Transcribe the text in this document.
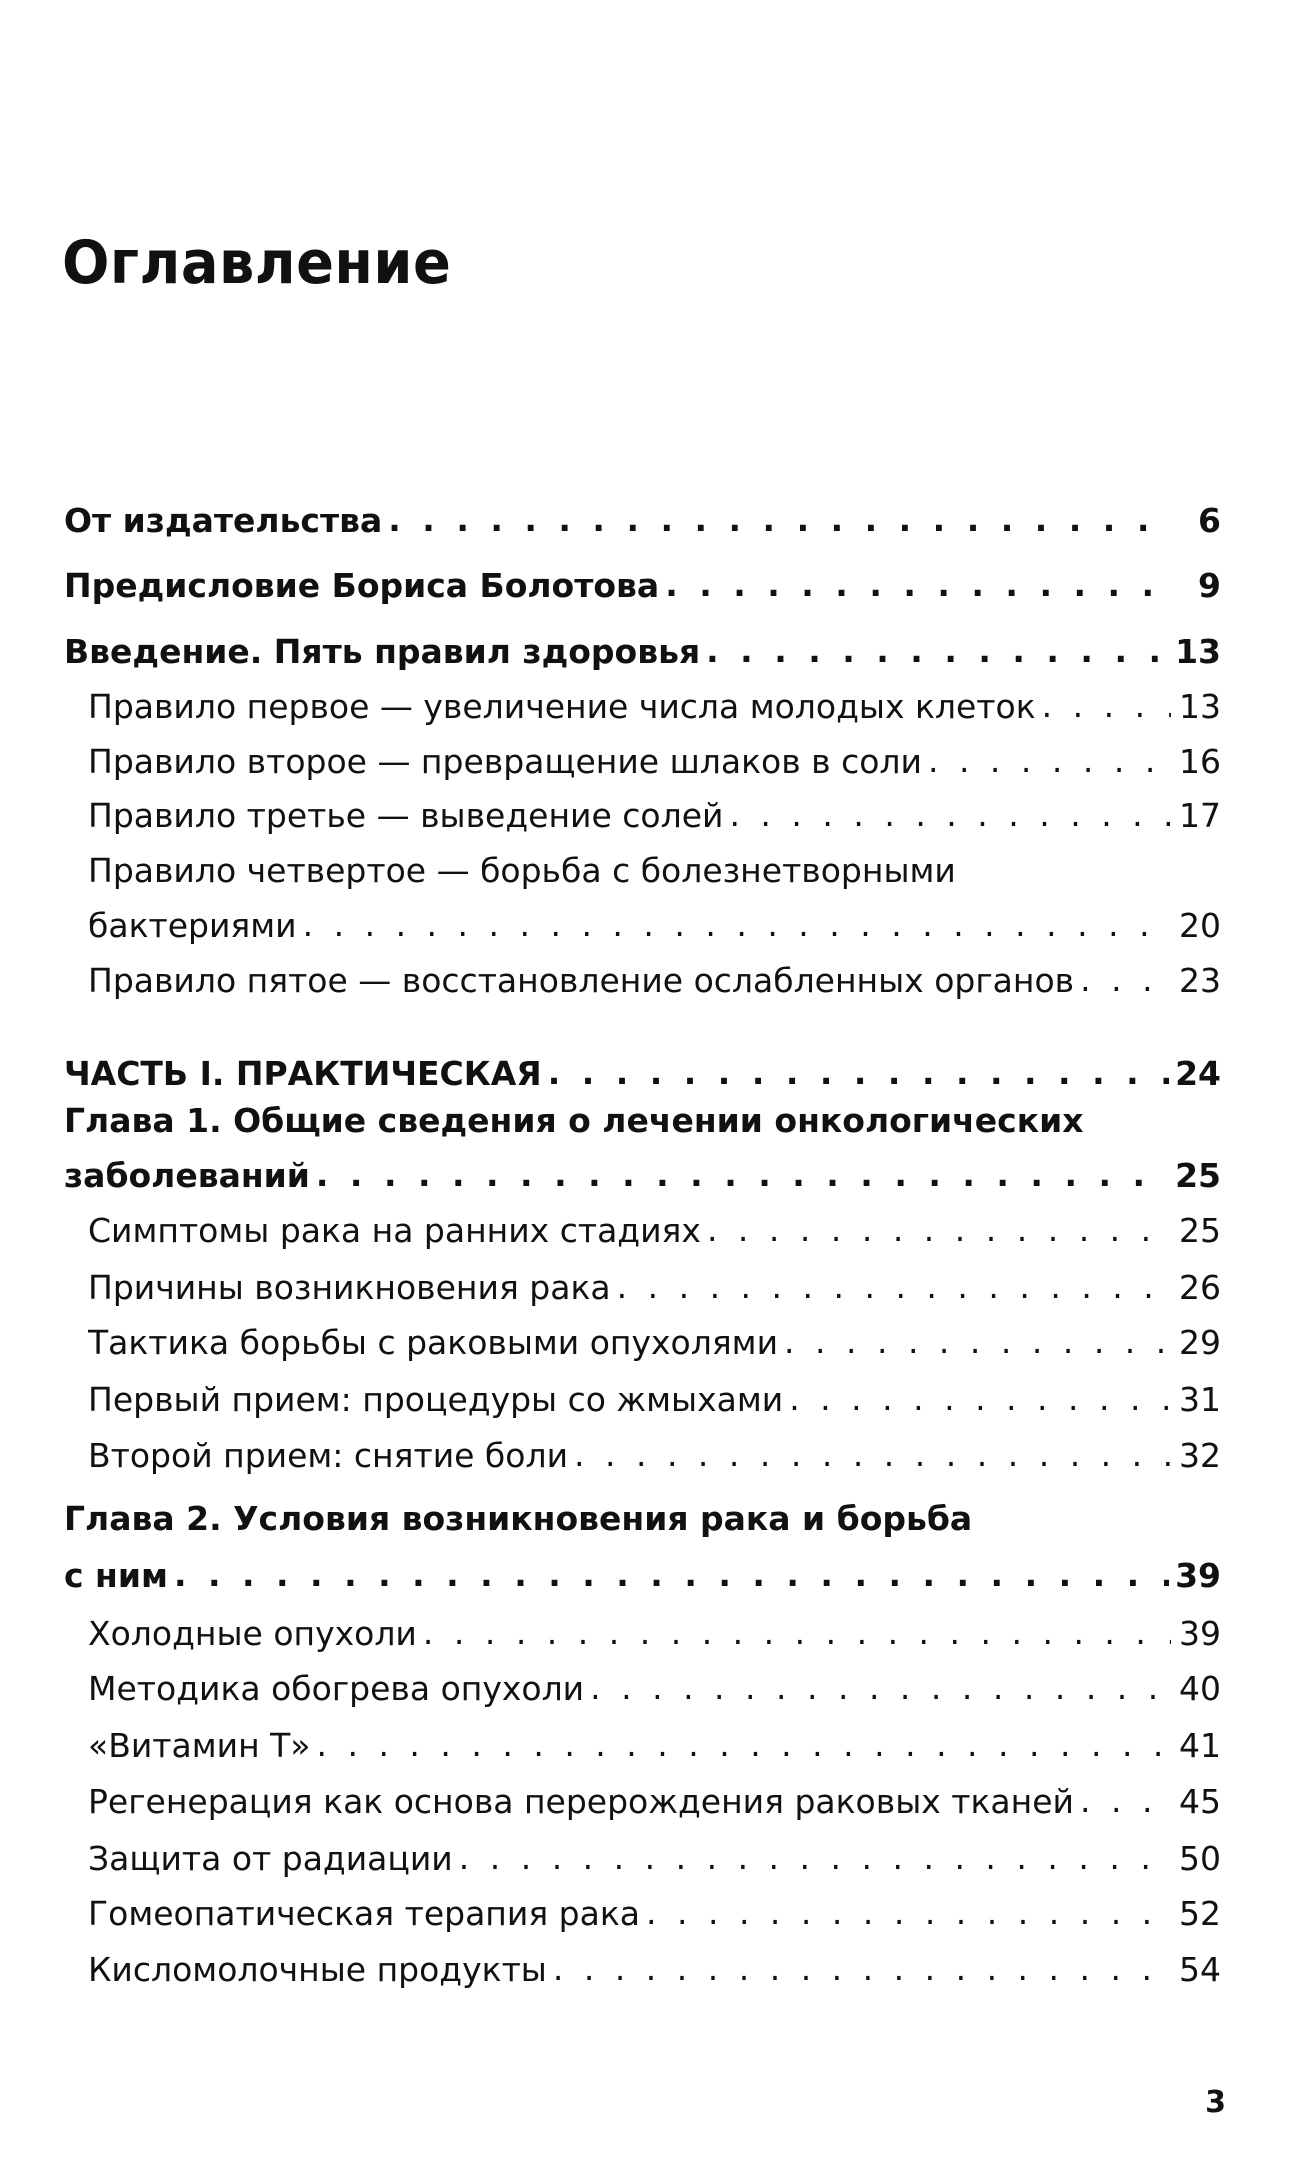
Оглавление
От издательства . . .	6
Предисловие Бориса Болотова . . .	9
Введение. Пять правил здоровья . . .	13
Правило первое — увеличение числа молодых клеток . . .	13
Правило второе — превращение шлаков в соли . . .	16
Правило третье — выведение солей . . .	17
Правило четвертое — борьба с болезнетворными
бактериями . . .	20
Правило пятое — восстановление ослабленных органов . . .	23
ЧАСТЬ I. ПРАКТИЧЕСКАЯ . . .	24
Глава 1. Общие сведения о лечении онкологических
заболеваний . . .	25
Симптомы рака на ранних стадиях . . .	25
Причины возникновения рака . . .	26
Тактика борьбы с раковыми опухолями . . .	29
Первый прием: процедуры со жмыхами . . .	31
Второй прием: снятие боли . . .	32
Глава 2. Условия возникновения рака и борьба
с ним . . .	39
Холодные опухоли . . .	39
Методика обогрева опухоли . . .	40
«Витамин Т» . . .	41
Регенерация как основа перерождения раковых тканей . . .	45
Защита от радиации . . .	50
Гомеопатическая терапия рака . . .	52
Кисломолочные продукты . . .	54
3
